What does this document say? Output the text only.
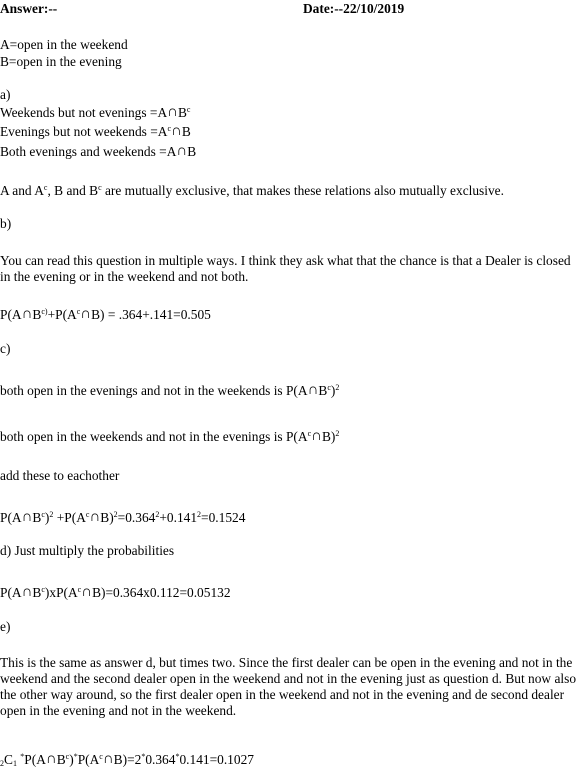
Answer:--	Date:--22/10/2019
A=open in the weekend
B=open in the evening
a)
Weekends but not evenings $=A\cap B^c$
Evenings but not weekends $=A^c\cap B$
Both evenings and weekends =A∩B
A and $A^c$, B and $B^c$ are mutually exclusive, that makes these relations also mutually exclusive.
b)
You can read this question in multiple ways. I think they ask what that the chance is that a Dealer is closed in the evening or in the weekend and not both.
$P(A\cap B^{c)}+P(A^c\cap B) = .364+.141=0.505$
c)
both open in the evenings and not in the weekends is $P(A\cap B^c)^2$
both open in the weekends and not in the evenings is $P(A^c\cap B)^2$
add these to eachother
$P(A\cap B^c)^2$ $+P(A^c\cap B)^2=0.364^2+0.141^2=0.1524$
d) Just multiply the probabilities
$P(A\cap B^c)xP(A^c\cap B)=0.364x0.112=0.05132$
e)
This is the same as answer d, but times two. Since the first dealer can be open in the evening and not in the weekend and the second dealer open in the weekend and not in the evening just as question d. But now also the other way around, so the first dealer open in the weekend and not in the evening and de second dealer open in the evening and not in the weekend.
$_2C_1$ $^*P(A\cap B^c)^*P(A^c\cap B)=2^*0.364^*0.141=0.1027$
